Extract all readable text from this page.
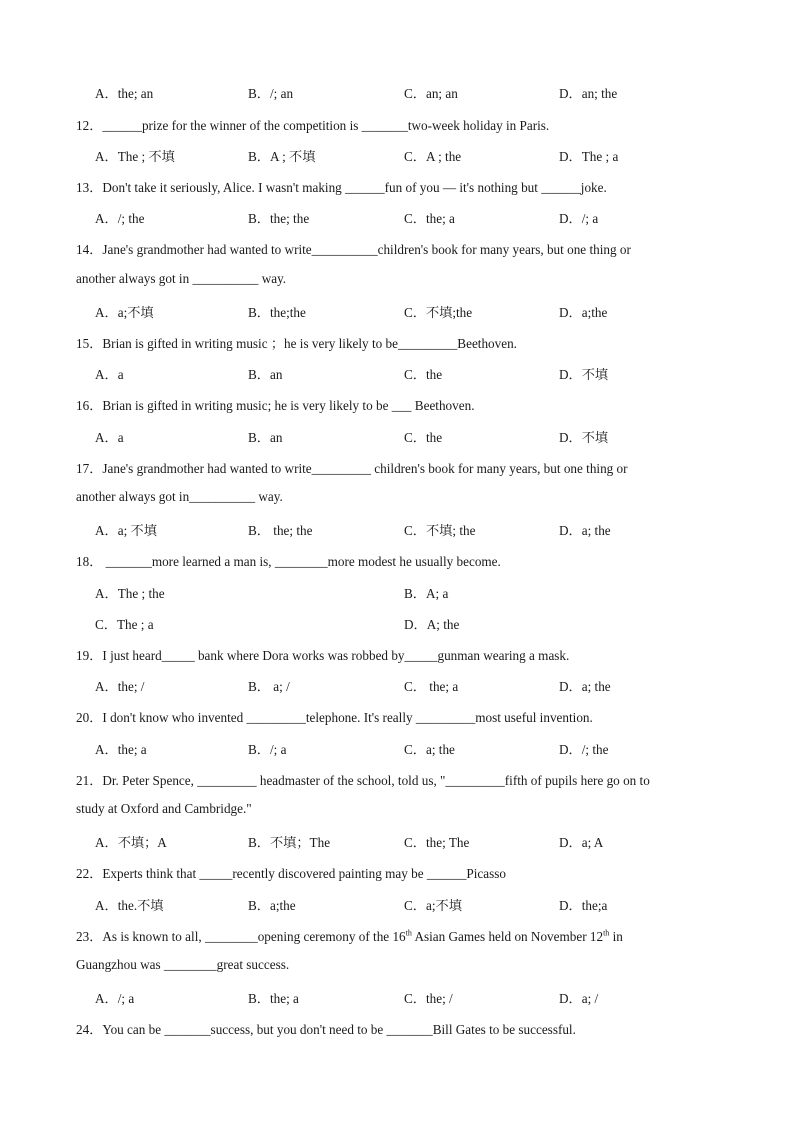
A．the; an	B．/; an	C．an; an	D．an; the
12．______prize for the winner of the competition is _______two-week holiday in Paris.
A．The ; 不填	B．A ; 不填	C．A ; the	D．The ; a
13．Don't take it seriously, Alice. I wasn't making ______fun of you — it's nothing but ______joke.
A．/; the	B．the; the	C．the; a	D．/; a
14．Jane's grandmother had wanted to write__________children's book for many years, but one thing or
another always got in __________ way.
A．a;不填	B．the;the	C．不填;the	D．a;the
15．Brian is gifted in writing music ；he is very likely to be_________Beethoven.
A．a	B．an	C．the	D．不填
16．Brian is gifted in writing music; he is very likely to be ___ Beethoven.
A．a	B．an	C．the	D．不填
17．Jane's grandmother had wanted to write_________ children's book for many years, but one thing or
another always got in__________ way.
A．a; 不填	B． the; the	C．不填; the	D．a; the
18． _______more learned a man is, ________more modest he usually become.
A．The ; the	B．A; a
C．The ; a	D．A; the
19．I just heard_____ bank where Dora works was robbed by_____gunman wearing a mask.
A．the; /	B． a; /	C． the; a	D．a; the
20．I don't know who invented _________telephone. It's really _________most useful invention.
A．the; a	B．/; a	C．a; the	D．/; the
21．Dr. Peter Spence, _________ headmaster of the school, told us, "_________fifth of pupils here go on to
study at Oxford and Cambridge."
A．不填；A	B．不填；The	C．the; The	D．a; A
22．Experts think that _____recently discovered painting may be ______Picasso
A．the.不填	B．a;the	C．a;不填	D．the;a
23．As is known to all, ________opening ceremony of the 16th Asian Games held on November 12th in
Guangzhou was ________great success.
A．/; a	B．the; a	C．the; /	D．a; /
24．You can be _______success, but you don't need to be _______Bill Gates to be successful.
